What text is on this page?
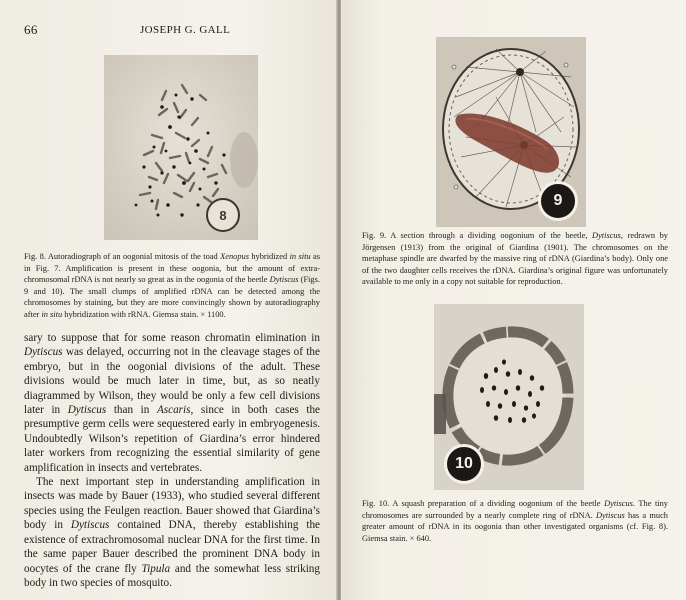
66	JOSEPH G. GALL
8
Fig. 8. Autoradiograph of an oogonial mitosis of the toad Xenopus hybridized in situ as in Fig. 7. Amplification is present in these oogonia, but the amount of extra-chromosomal rDNA is not nearly so great as in the oogonia of the beetle Dytiscus (Figs. 9 and 10). The small clumps of amplified rDNA can be detected among the chromosomes by staining, but they are more convincingly shown by autoradiography after in situ hybridization with rRNA. Giemsa stain. × 1100.

sary to suppose that for some reason chromatin elimination in Dytiscus was delayed, occurring not in the cleavage stages of the embryo, but in the oogonial divisions of the adult. These divisions would be much later in time, but, as so neatly diagrammed by Wilson, they would be only a few cell divisions later in Dytiscus than in Ascaris, since in both cases the presumptive germ cells were sequestered early in embryogenesis. Undoubtedly Wilson’s repetition of Giardina’s error hindered later workers from recognizing the essential similarity of gene amplification in insects and vertebrates.

The next important step in understanding amplification in insects was made by Bauer (1933), who studied several different species using the Feulgen reaction. Bauer showed that Giardina’s body in Dytiscus contained DNA, thereby establishing the existence of extrachromosomal nuclear DNA for the first time. In the same paper Bauer described the prominent DNA body in oocytes of the crane fly Tipula and the somewhat less striking body in two species of mosquito.

9
Fig. 9. A section through a dividing oogonium of the beetle, Dytiscus, redrawn by Jörgensen (1913) from the original of Giardina (1901). The chromosomes on the metaphase spindle are dwarfed by the massive ring of rDNA (Giardina’s body). Only one of the two daughter cells receives the rDNA. Giardina’s original figure was unfortunately available to me only in a copy not suitable for reproduction.
10
Fig. 10. A squash preparation of a dividing oogonium of the beetle Dytiscus. The tiny chromosomes are surrounded by a nearly complete ring of rDNA. Dytiscus has a much greater amount of rDNA in its oogonia than other investigated organisms (cf. Fig. 8). Giemsa stain. × 640.
